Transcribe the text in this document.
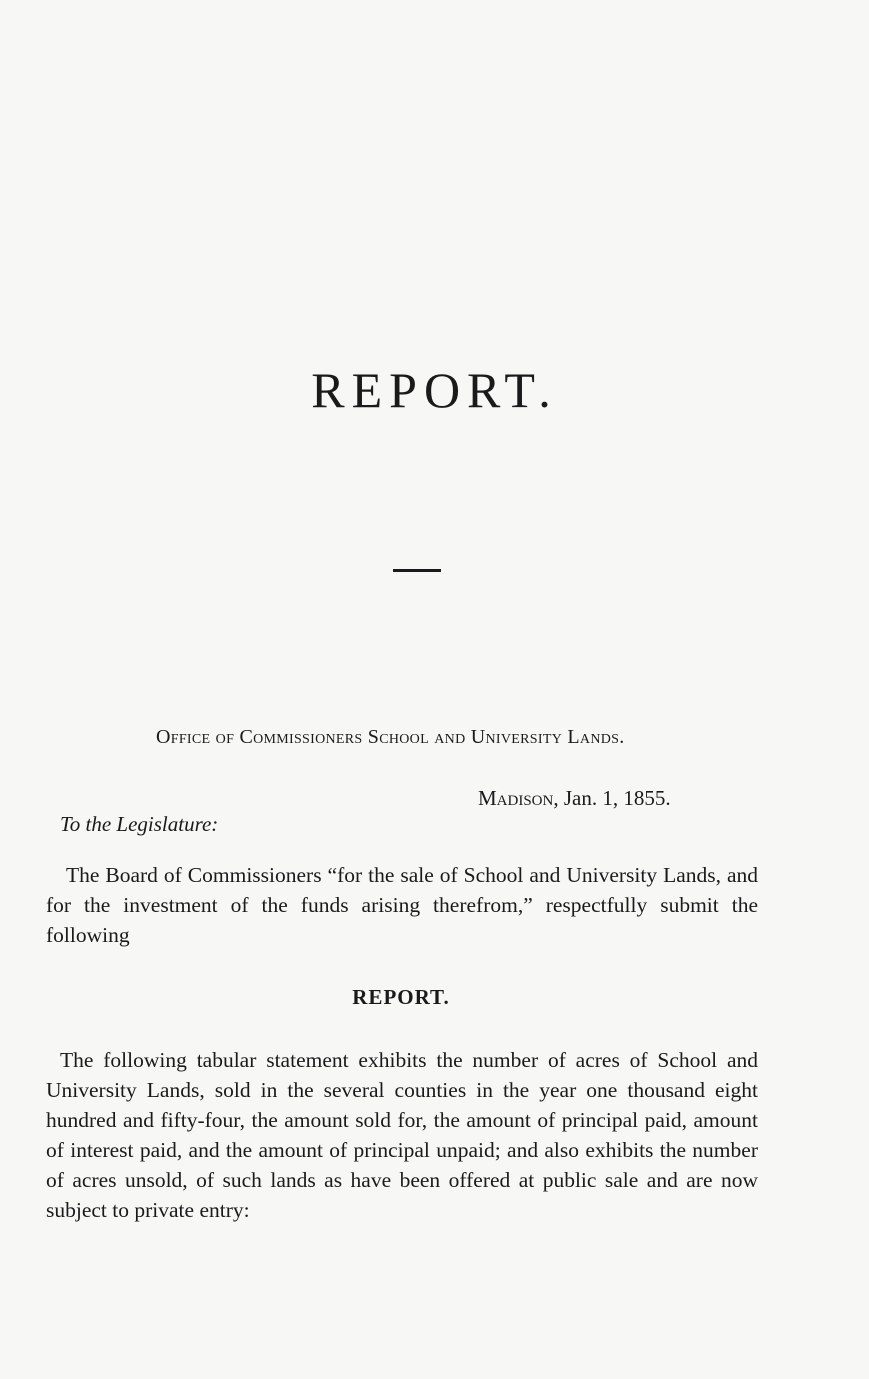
REPORT.
Office of Commissioners School and University Lands.
Madison, Jan. 1, 1855.
To the Legislature:

The Board of Commissioners “for the sale of School and University Lands, and for the investment of the funds arising therefrom,” respectfully submit the following

REPORT.

The following tabular statement exhibits the number of acres of School and University Lands, sold in the several counties in the year one thousand eight hundred and fifty-four, the amount sold for, the amount of principal paid, amount of interest paid, and the amount of principal unpaid; and also exhibits the number of acres unsold, of such lands as have been offered at public sale and are now subject to private entry:
